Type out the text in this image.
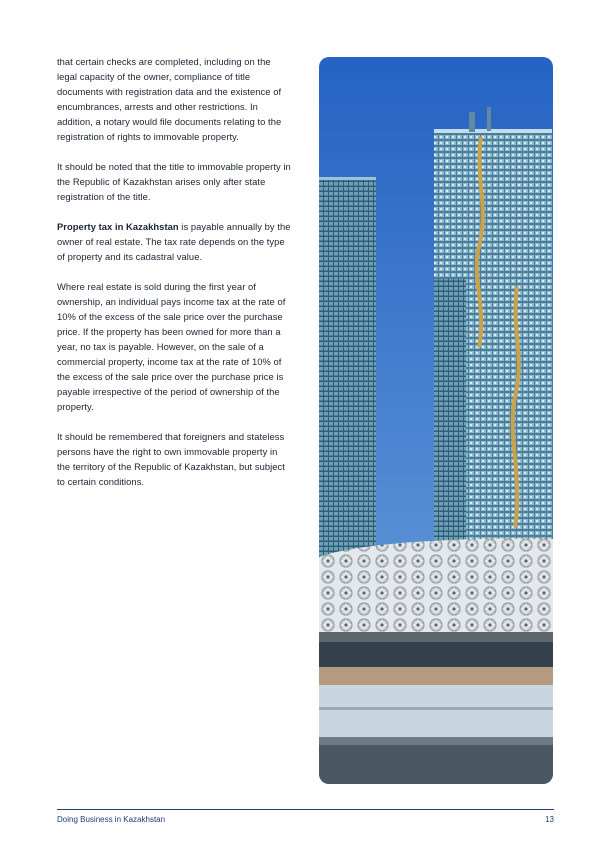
that certain checks are completed, including on the legal capacity of the owner, compliance of title documents with registration data and the existence of encumbrances, arrests and other restrictions. In addition, a notary would file documents relating to the registration of rights to immovable property.

It should be noted that the title to immovable property in the Republic of Kazakhstan arises only after state registration of the title.

Property tax in Kazakhstan is payable annually by the owner of real estate. The tax rate depends on the type of property and its cadastral value.

Where real estate is sold during the first year of ownership, an individual pays income tax at the rate of 10% of the excess of the sale price over the purchase price. If the property has been owned for more than a year, no tax is payable. However, on the sale of a commercial property, income tax at the rate of 10% of the excess of the sale price over the purchase price is payable irrespective of the period of ownership of the property.

It should be remembered that foreigners and stateless persons have the right to own immovable property in the territory of the Republic of Kazakhstan, but subject to certain conditions.

Doing Business in Kazakhstan	13
